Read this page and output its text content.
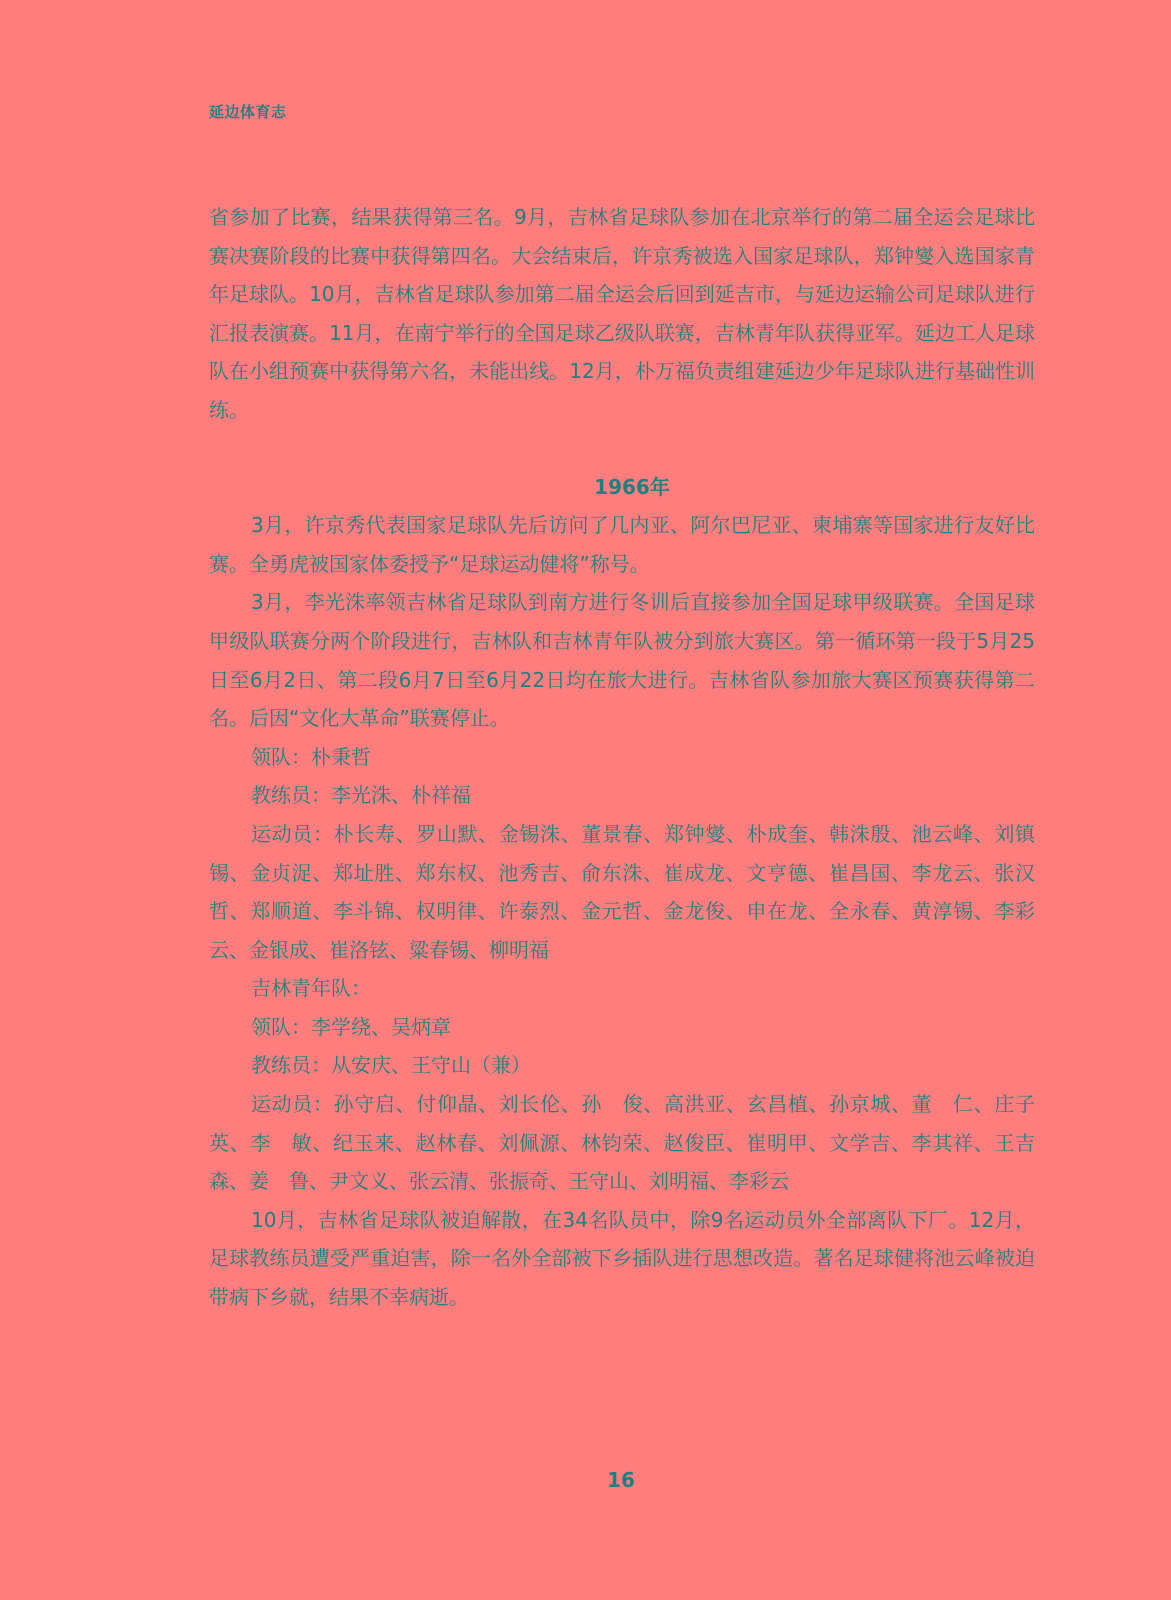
延边体育志

省参加了比赛，结果获得第三名。9月，吉林省足球队参加在北京举行的第二届全运会足球比赛决赛阶段的比赛中获得第四名。大会结束后，许京秀被选入国家足球队，郑钟燮入选国家青年足球队。10月，吉林省足球队参加第二届全运会后回到延吉市，与延边运输公司足球队进行汇报表演赛。11月，在南宁举行的全国足球乙级队联赛，吉林青年队获得亚军。延边工人足球队在小组预赛中获得第六名，未能出线。12月，朴万福负责组建延边少年足球队进行基础性训练。

1966年

3月，许京秀代表国家足球队先后访问了几内亚、阿尔巴尼亚、柬埔寨等国家进行友好比赛。全勇虎被国家体委授予“足球运动健将”称号。

3月，李光洙率领吉林省足球队到南方进行冬训后直接参加全国足球甲级联赛。全国足球甲级队联赛分两个阶段进行，吉林队和吉林青年队被分到旅大赛区。第一循环第一段于5月25日至6月2日、第二段6月7日至6月22日均在旅大进行。吉林省队参加旅大赛区预赛获得第二名。后因“文化大革命”联赛停止。

领队：朴秉哲

教练员：李光洙、朴祥福

运动员：朴长寿、罗山默、金锡洙、董景春、郑钟燮、朴成奎、韩洙殷、池云峰、刘镇锡、金贞浞、郑址胜、郑东权、池秀吉、俞东洙、崔成龙、文亨德、崔昌国、李龙云、张汉哲、郑顺道、李斗锦、权明律、许泰烈、金元哲、金龙俊、申在龙、全永春、黄淳锡、李彩云、金银成、崔洛铉、粱春锡、柳明福

吉林青年队：

领队：李学绕、吴炳章

教练员：从安庆、王守山（兼）

运动员：孙守启、付仰晶、刘长伦、孙　俊、高洪亚、玄昌植、孙京城、董　仁、庄子英、李　敏、纪玉来、赵林春、刘佩源、林钧荣、赵俊臣、崔明甲、文学吉、李其祥、王吉森、姜　鲁、尹文义、张云清、张振奇、王守山、刘明福、李彩云

10月，吉林省足球队被迫解散，在34名队员中，除9名运动员外全部离队下厂。12月，足球教练员遭受严重迫害，除一名外全部被下乡插队进行思想改造。著名足球健将池云峰被迫带病下乡就，结果不幸病逝。

16
